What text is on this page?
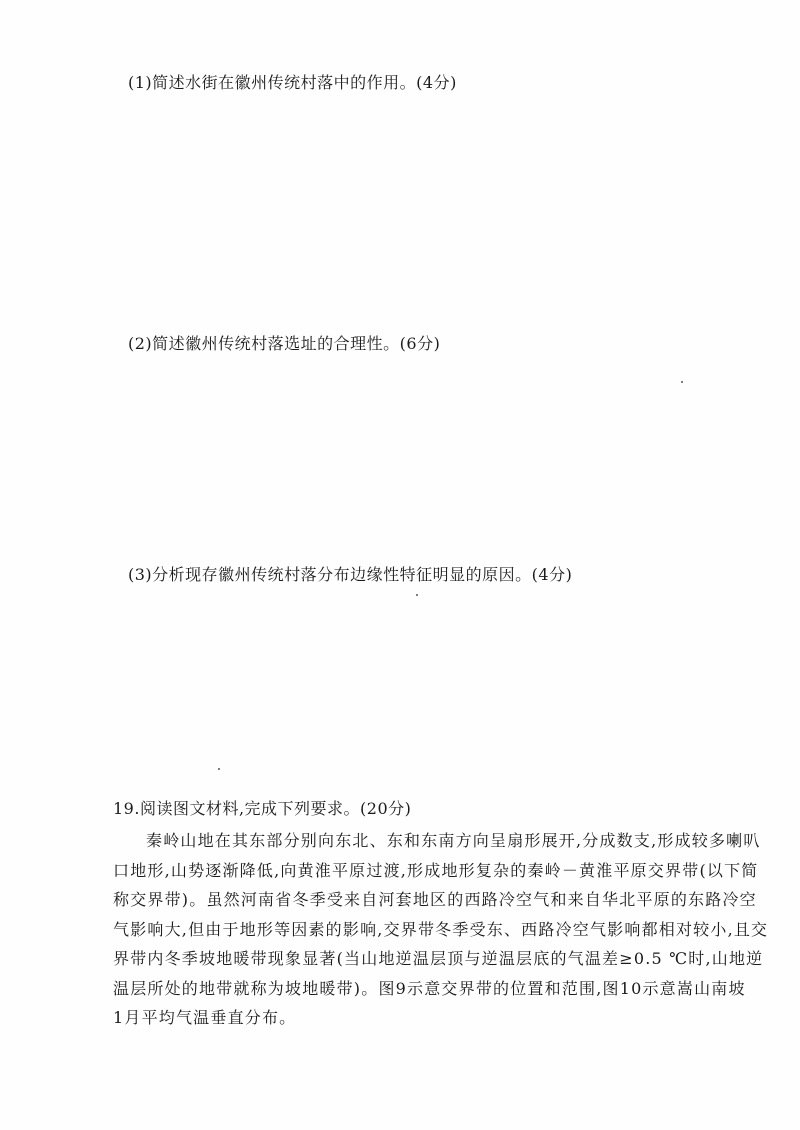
(1)简述水街在徽州传统村落中的作用。(4分)
(2)简述徽州传统村落选址的合理性。(6分)
(3)分析现存徽州传统村落分布边缘性特征明显的原因。(4分)
19.阅读图文材料,完成下列要求。(20分)

秦岭山地在其东部分别向东北、东和东南方向呈扇形展开,分成数支,形成较多喇叭

口地形,山势逐渐降低,向黄淮平原过渡,形成地形复杂的秦岭－黄淮平原交界带(以下简

称交界带)。虽然河南省冬季受来自河套地区的西路冷空气和来自华北平原的东路冷空

气影响大,但由于地形等因素的影响,交界带冬季受东、西路冷空气影响都相对较小,且交

界带内冬季坡地暖带现象显著(当山地逆温层顶与逆温层底的气温差≥0.5 ℃时,山地逆

温层所处的地带就称为坡地暖带)。图9示意交界带的位置和范围,图10示意嵩山南坡

1月平均气温垂直分布。
